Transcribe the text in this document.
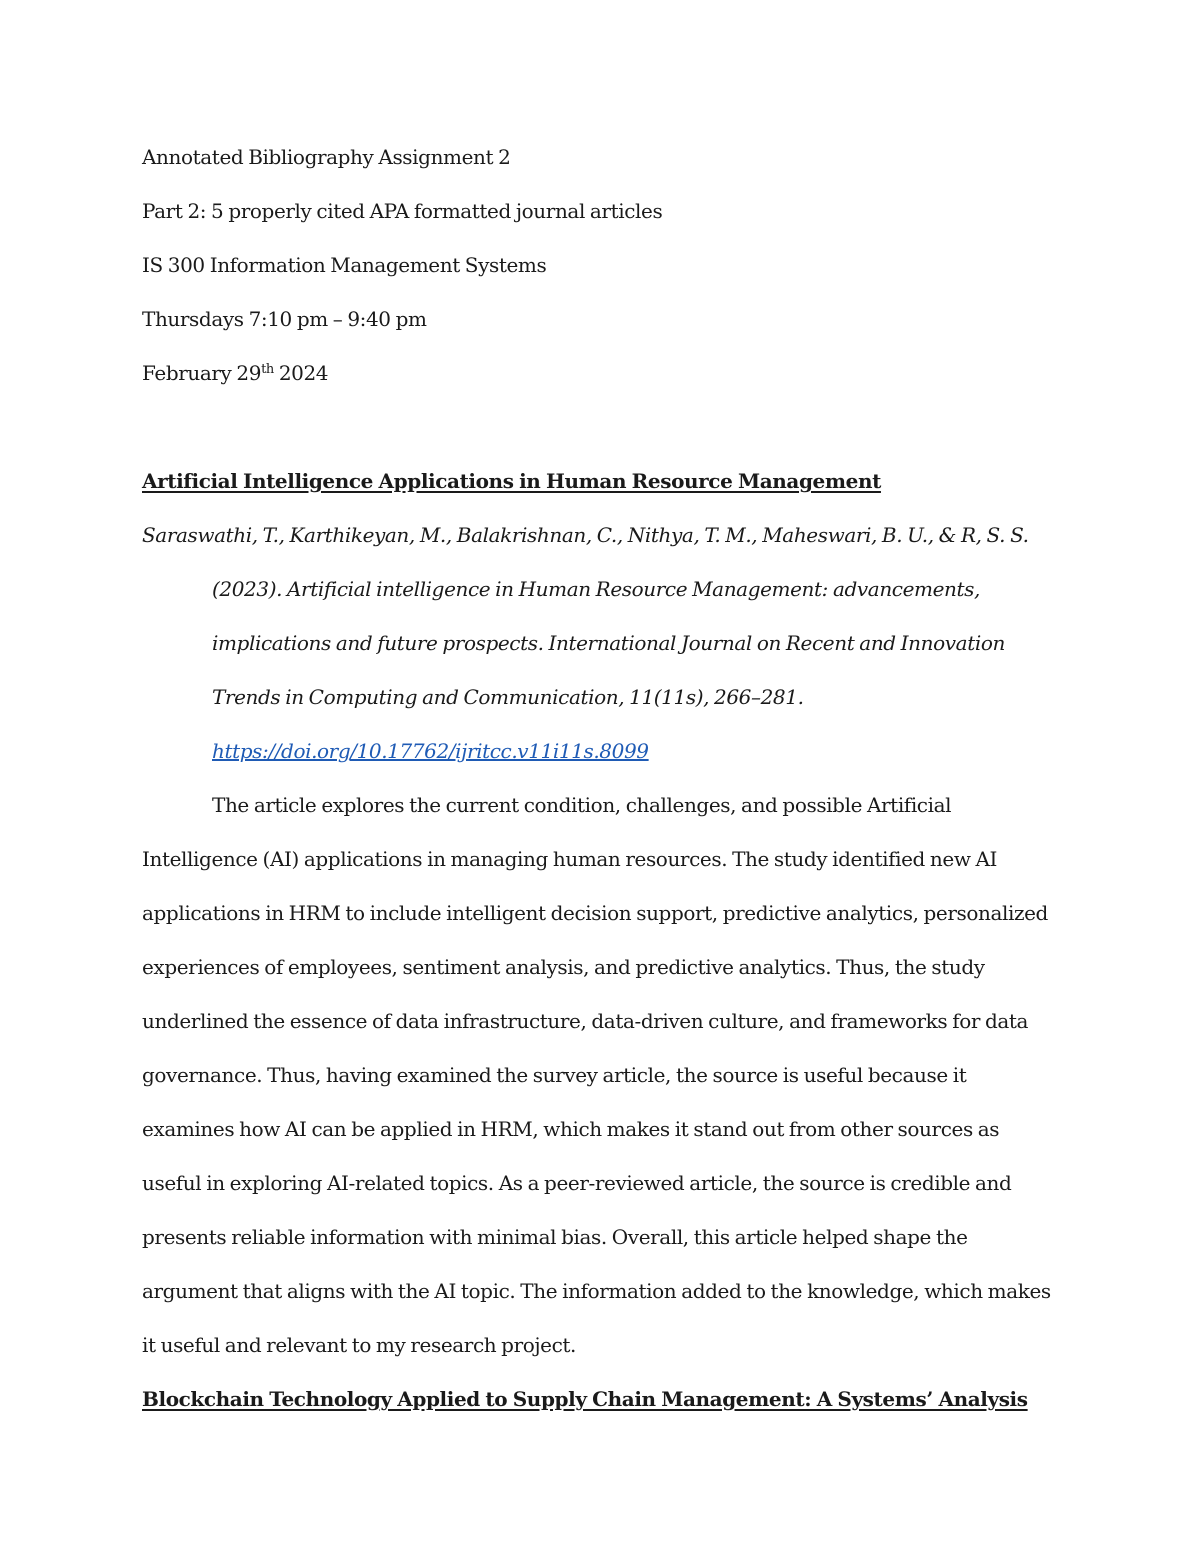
Annotated Bibliography Assignment 2

Part 2: 5 properly cited APA formatted journal articles

IS 300 Information Management Systems

Thursdays 7:10 pm – 9:40 pm

February 29th 2024

Artificial Intelligence Applications in Human Resource Management

Saraswathi, T., Karthikeyan, M., Balakrishnan, C., Nithya, T. M., Maheswari, B. U., & R, S. S. (2023). Artificial intelligence in Human Resource Management: advancements, implications and future prospects. International Journal on Recent and Innovation Trends in Computing and Communication, 11(11s), 266–281. https://doi.org/10.17762/ijritcc.v11i11s.8099

The article explores the current condition, challenges, and possible Artificial Intelligence (AI) applications in managing human resources. The study identified new AI applications in HRM to include intelligent decision support, predictive analytics, personalized experiences of employees, sentiment analysis, and predictive analytics. Thus, the study underlined the essence of data infrastructure, data-driven culture, and frameworks for data governance. Thus, having examined the survey article, the source is useful because it examines how AI can be applied in HRM, which makes it stand out from other sources as useful in exploring AI-related topics. As a peer-reviewed article, the source is credible and presents reliable information with minimal bias. Overall, this article helped shape the argument that aligns with the AI topic. The information added to the knowledge, which makes it useful and relevant to my research project.

Blockchain Technology Applied to Supply Chain Management: A Systems’ Analysis
